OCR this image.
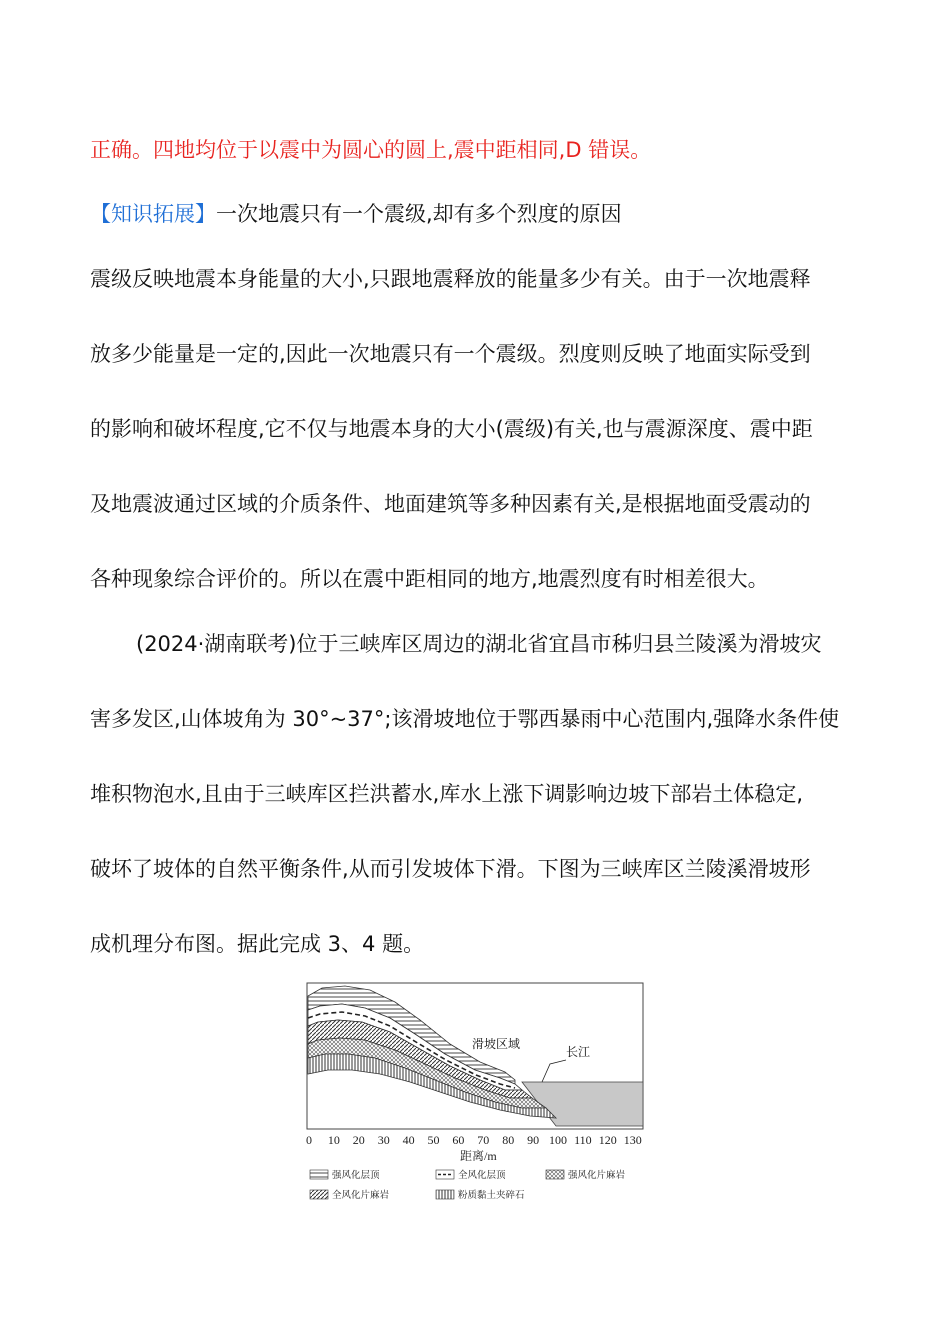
正确。四地均位于以震中为圆心的圆上,震中距相同,D 错误。
【知识拓展】一次地震只有一个震级,却有多个烈度的原因
震级反映地震本身能量的大小,只跟地震释放的能量多少有关。由于一次地震释
放多少能量是一定的,因此一次地震只有一个震级。烈度则反映了地面实际受到
的影响和破坏程度,它不仅与地震本身的大小(震级)有关,也与震源深度、震中距
及地震波通过区域的介质条件、地面建筑等多种因素有关,是根据地面受震动的
各种现象综合评价的。所以在震中距相同的地方,地震烈度有时相差很大。
(2024·湖南联考)位于三峡库区周边的湖北省宜昌市秭归县兰陵溪为滑坡灾
害多发区,山体坡角为 30°~37°;该滑坡地位于鄂西暴雨中心范围内,强降水条件使
堆积物泡水,且由于三峡库区拦洪蓄水,库水上涨下调影响边坡下部岩土体稳定,
破坏了坡体的自然平衡条件,从而引发坡体下滑。下图为三峡库区兰陵溪滑坡形
成机理分布图。据此完成 3、4 题。
滑坡区域
长江
0 10 20 30 40 50 60 70 80 90 100 110 120 130
距离/m
强风化层顶	全风化层顶	强风化片麻岩
全风化片麻岩	粉质黏土夹碎石
